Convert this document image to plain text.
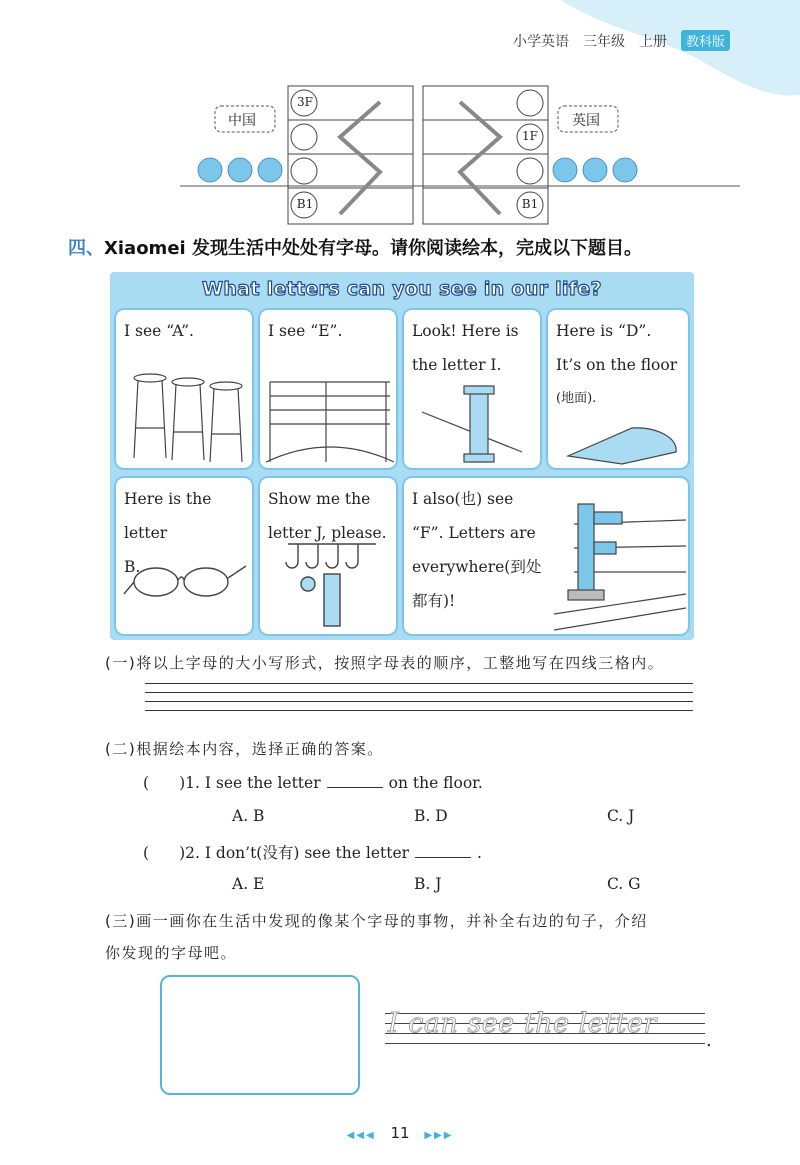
小学英语 三年级 上册	教科版
中国	英国
3F
B1
1F
B1
四、Xiaomei 发现生活中处处有字母。请你阅读绘本，完成以下题目。
What letters can you see in our life?
I see “A”.	I see “E”.	Look! Here is
the letter I.
Here is “D”.
It’s on the floor
(地面).
Here is the letter
B.
Show me the
letter J, please.
I also(也) see
“F”. Letters are
everywhere(到处
都有)!
(一)将以上字母的大小写形式，按照字母表的顺序，工整地写在四线三格内。
(二)根据绘本内容，选择正确的答案。
( )1. I see the letter	on the floor.
A. B	B. D	C. J
( )2. I don’t(没有) see the letter	.
A. E	B. J	C. G
(三)画一画你在生活中发现的像某个字母的事物，并补全右边的句子，介绍
你发现的字母吧。
I can see the letter
.
◀◀◀ 11 ▶▶▶
